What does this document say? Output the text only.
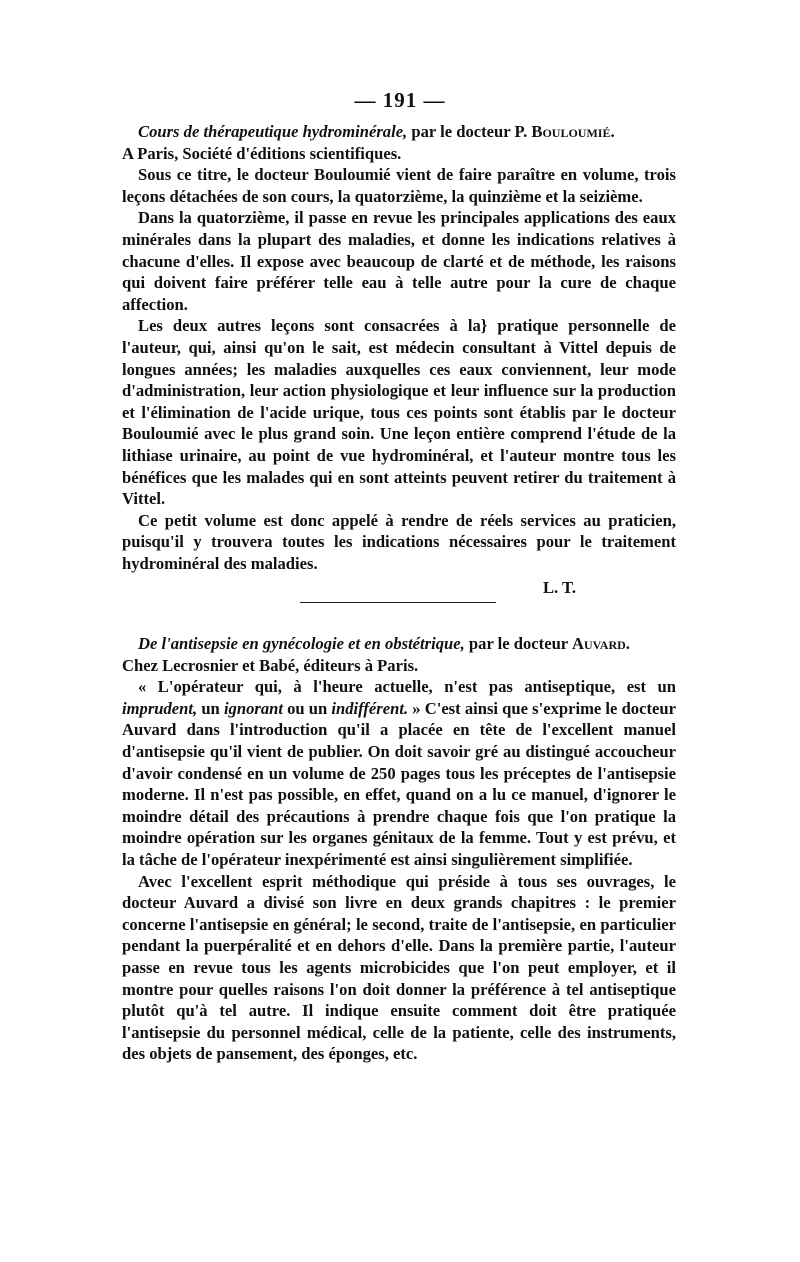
— 191 —

Cours de thérapeutique hydrominérale, par le docteur P. Bouloumié.

A Paris, Société d'éditions scientifiques.

Sous ce titre, le docteur Bouloumié vient de faire paraître en volume, trois leçons détachées de son cours, la quatorzième, la quinzième et la seizième.

Dans la quatorzième, il passe en revue les principales applications des eaux minérales dans la plupart des maladies, et donne les indications relatives à chacune d'elles. Il expose avec beaucoup de clarté et de méthode, les raisons qui doivent faire préférer telle eau à telle autre pour la cure de chaque affection.

Les deux autres leçons sont consacrées à la} pratique personnelle de l'auteur, qui, ainsi qu'on le sait, est médecin consultant à Vittel depuis de longues années; les maladies auxquelles ces eaux conviennent, leur mode d'administration, leur action physiologique et leur influence sur la production et l'élimination de l'acide urique, tous ces points sont établis par le docteur Bouloumié avec le plus grand soin. Une leçon entière comprend l'étude de la lithiase urinaire, au point de vue hydrominéral, et l'auteur montre tous les bénéfices que les malades qui en sont atteints peuvent retirer du traitement à Vittel.

Ce petit volume est donc appelé à rendre de réels services au praticien, puisqu'il y trouvera toutes les indications nécessaires pour le traitement hydrominéral des maladies.

L. T.

De l'antisepsie en gynécologie et en obstétrique, par le docteur Auvard.

Chez Lecrosnier et Babé, éditeurs à Paris.

« L'opérateur qui, à l'heure actuelle, n'est pas antiseptique, est un imprudent, un ignorant ou un indifférent. » C'est ainsi que s'exprime le docteur Auvard dans l'introduction qu'il a placée en tête de l'excellent manuel d'antisepsie qu'il vient de publier. On doit savoir gré au distingué accoucheur d'avoir condensé en un volume de 250 pages tous les préceptes de l'antisepsie moderne. Il n'est pas possible, en effet, quand on a lu ce manuel, d'ignorer le moindre détail des précautions à prendre chaque fois que l'on pratique la moindre opération sur les organes génitaux de la femme. Tout y est prévu, et la tâche de l'opérateur inexpérimenté est ainsi singulièrement simplifiée.

Avec l'excellent esprit méthodique qui préside à tous ses ouvrages, le docteur Auvard a divisé son livre en deux grands chapitres : le premier concerne l'antisepsie en général; le second, traite de l'antisepsie, en particulier pendant la puerpéralité et en dehors d'elle. Dans la première partie, l'auteur passe en revue tous les agents microbicides que l'on peut employer, et il montre pour quelles raisons l'on doit donner la préférence à tel antiseptique plutôt qu'à tel autre. Il indique ensuite comment doit être pratiquée l'antisepsie du personnel médical, celle de la patiente, celle des instruments, des objets de pansement, des éponges, etc.
